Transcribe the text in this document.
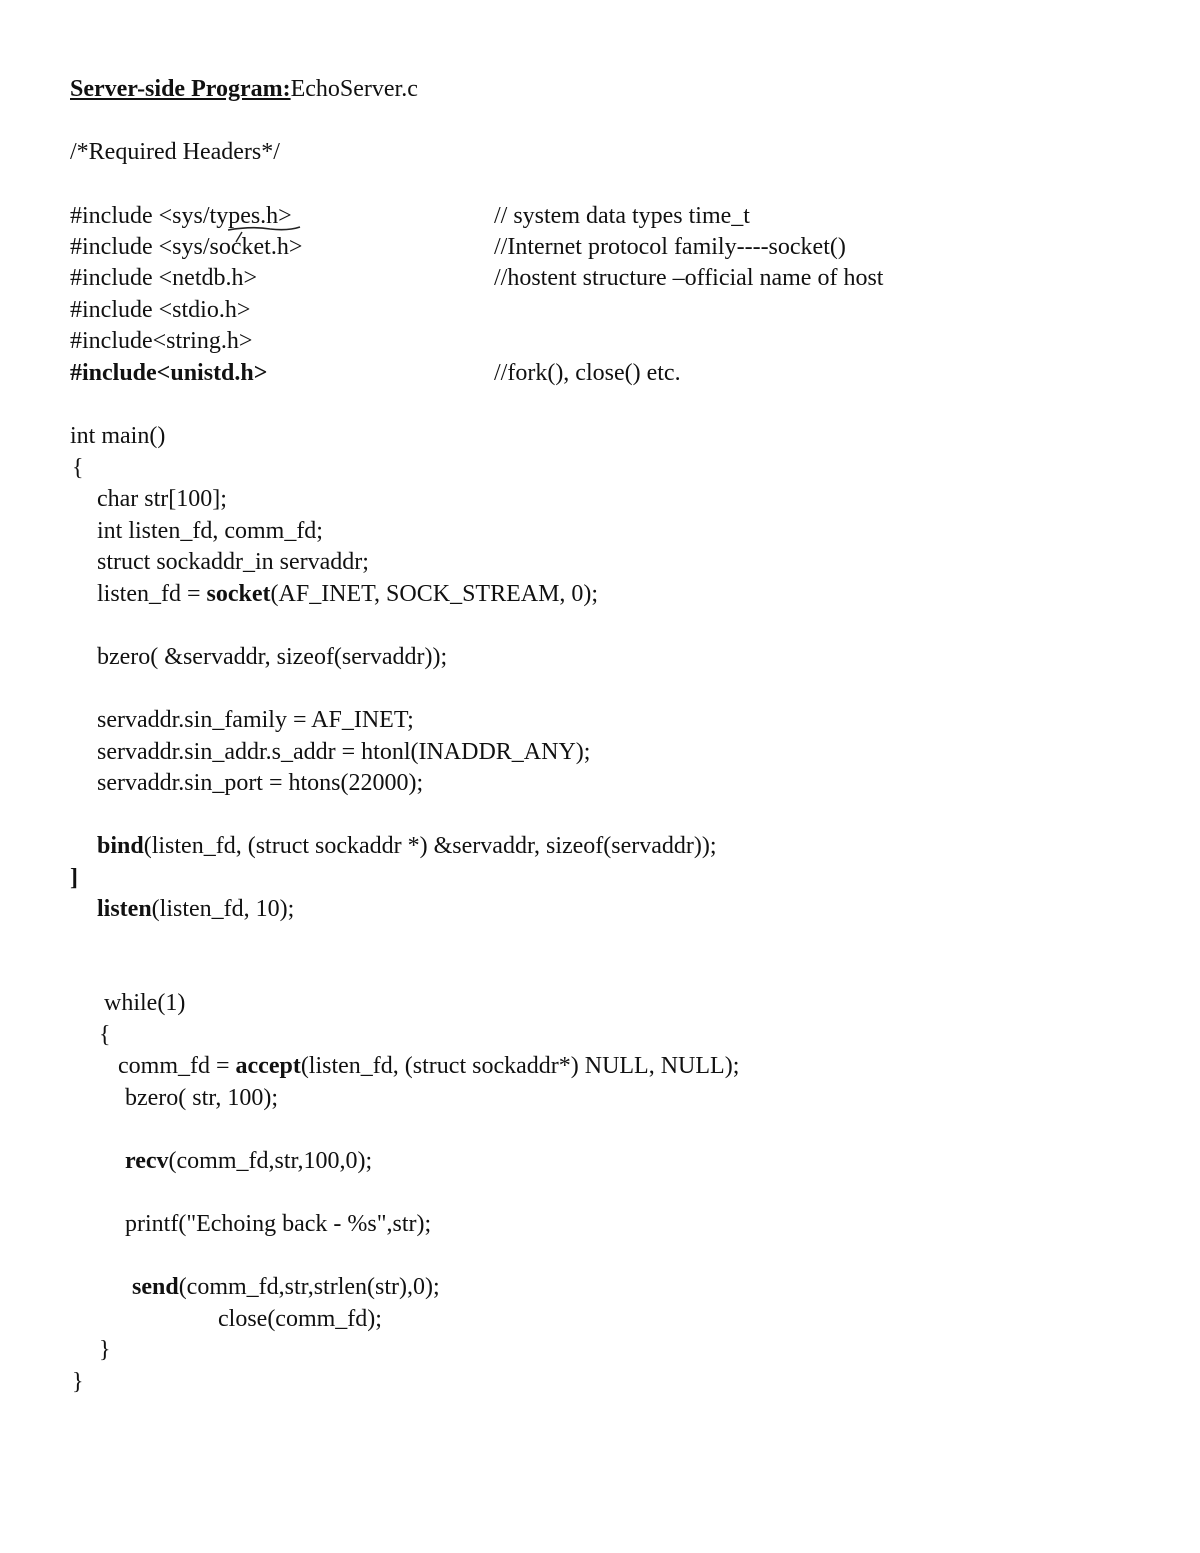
Server-side Program:EchoServer.c
/*Required Headers*/
#include <sys/types.h>	// system data types time_t
#include <sys/socket.h>	//Internet protocol family----socket()
#include <netdb.h>	//hostent structure –official name of host
#include <stdio.h>
#include<string.h>
#include<unistd.h>	//fork(), close() etc.
int main()
{
char str[100];
int listen_fd, comm_fd;
struct sockaddr_in servaddr;
listen_fd = socket(AF_INET, SOCK_STREAM, 0);
bzero( &servaddr, sizeof(servaddr));
servaddr.sin_family = AF_INET;
servaddr.sin_addr.s_addr = htonl(INADDR_ANY);
servaddr.sin_port = htons(22000);
bind(listen_fd, (struct sockaddr *) &servaddr, sizeof(servaddr));
]
listen(listen_fd, 10);
while(1)
{
comm_fd = accept(listen_fd, (struct sockaddr*) NULL, NULL);
bzero( str, 100);
recv(comm_fd,str,100,0);
printf("Echoing back - %s",str);
send(comm_fd,str,strlen(str),0);
close(comm_fd);
}
}
